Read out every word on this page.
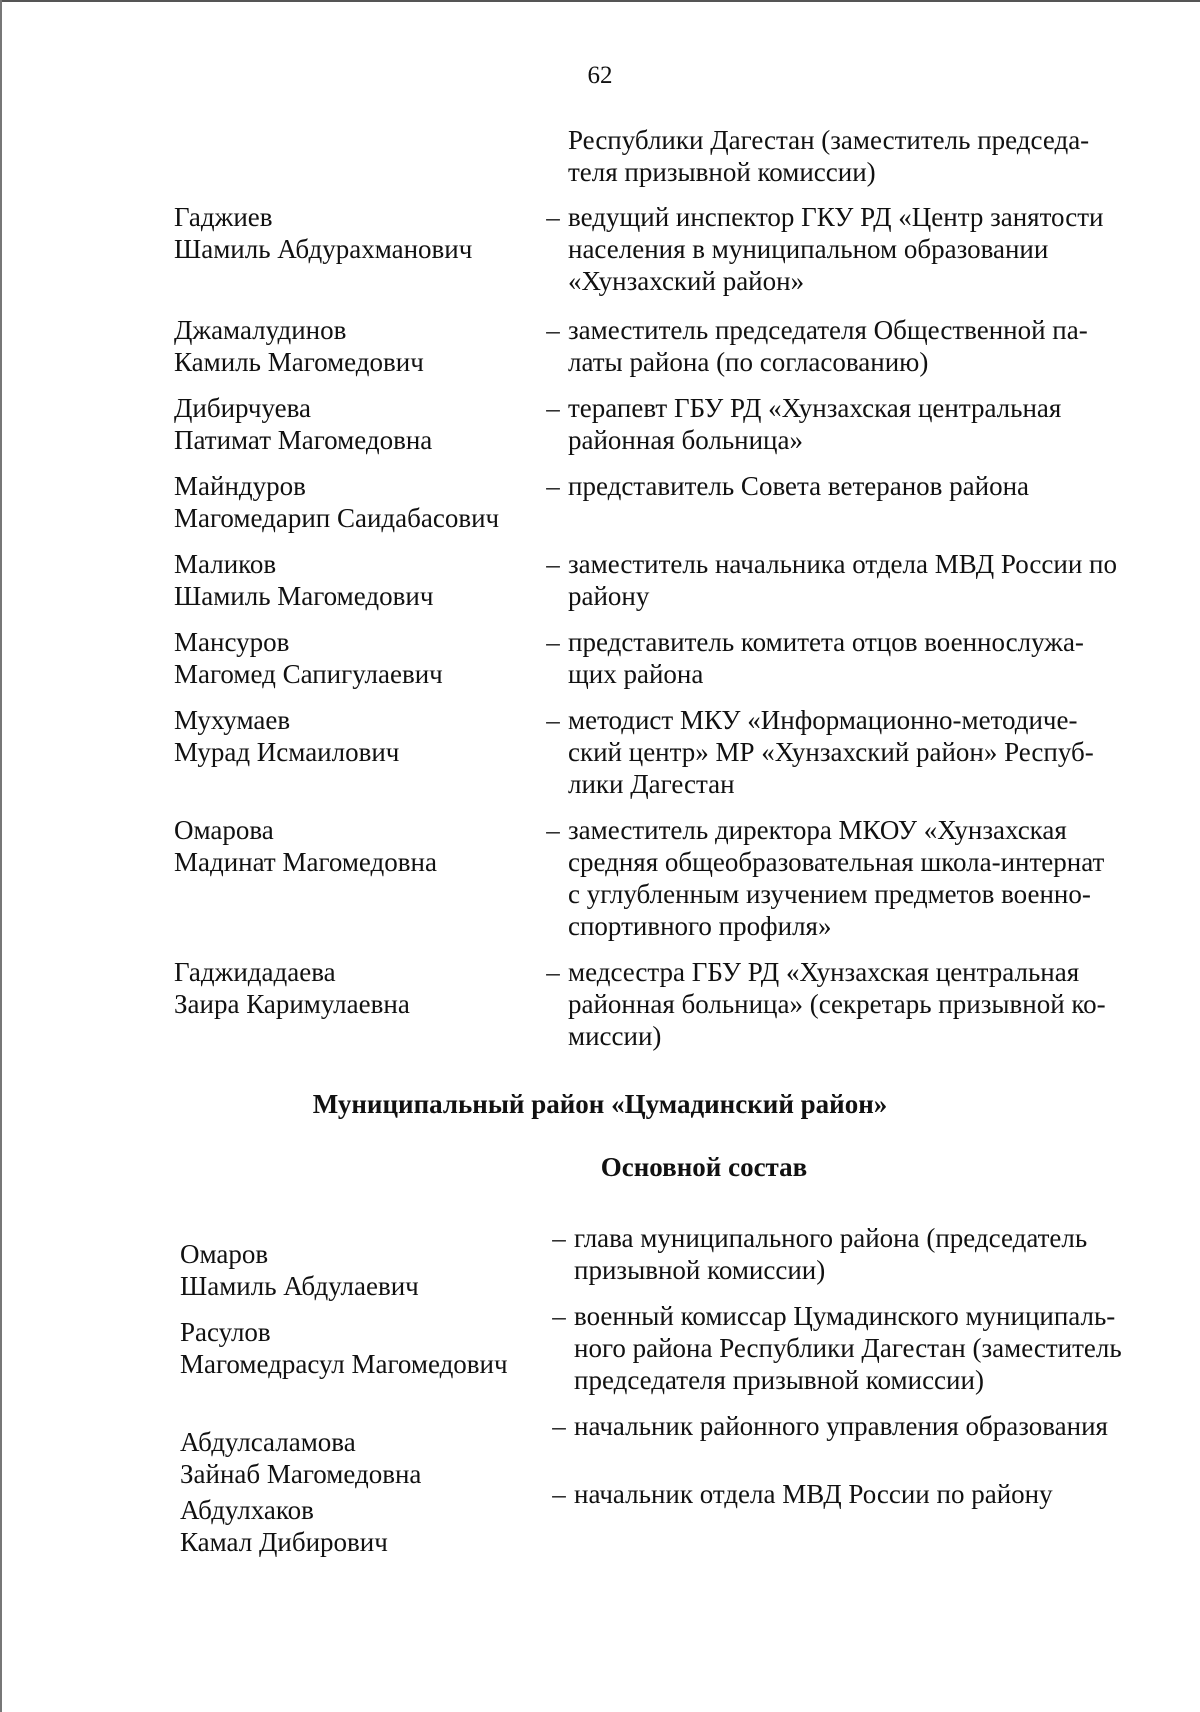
62
Республики Дагестан (заместитель председа-
теля призывной комиссии)
Гаджиев
Шамиль Абдурахманович
– ведущий инспектор ГКУ РД «Центр занятости
населения в муниципальном образовании
«Хунзахский район»
Джамалудинов
Камиль Магомедович
– заместитель председателя Общественной па-
латы района (по согласованию)
Дибирчуева
Патимат Магомедовна
– терапевт ГБУ РД «Хунзахская центральная
районная больница»
Майндуров
Магомедарип Саидабасович
– представитель Совета ветеранов района
Маликов
Шамиль Магомедович
– заместитель начальника отдела МВД России по
району
Мансуров
Магомед Сапигулаевич
– представитель комитета отцов военнослужа-
щих района
Мухумаев
Мурад Исмаилович
– методист МКУ «Информационно-методиче-
ский центр» МР «Хунзахский район» Респуб-
лики Дагестан
Омарова
Мадинат Магомедовна
– заместитель директора МКОУ «Хунзахская
средняя общеобразовательная школа-интернат
с углубленным изучением предметов военно-
спортивного профиля»
Гаджидадаева
Заира Каримулаевна
– медсестра ГБУ РД «Хунзахская центральная
районная больница» (секретарь призывной ко-
миссии)
Муниципальный район «Цумадинский район»
Основной состав
Омаров
Шамиль Абдулаевич
– глава муниципального района (председатель
призывной комиссии)
Расулов
Магомедрасул Магомедович
– военный комиссар Цумадинского муниципаль-
ного района Республики Дагестан (заместитель
председателя призывной комиссии)
Абдулсаламова
Зайнаб Магомедовна
– начальник районного управления образования
Абдулхаков
Камал Дибирович
– начальник отдела МВД России по району
